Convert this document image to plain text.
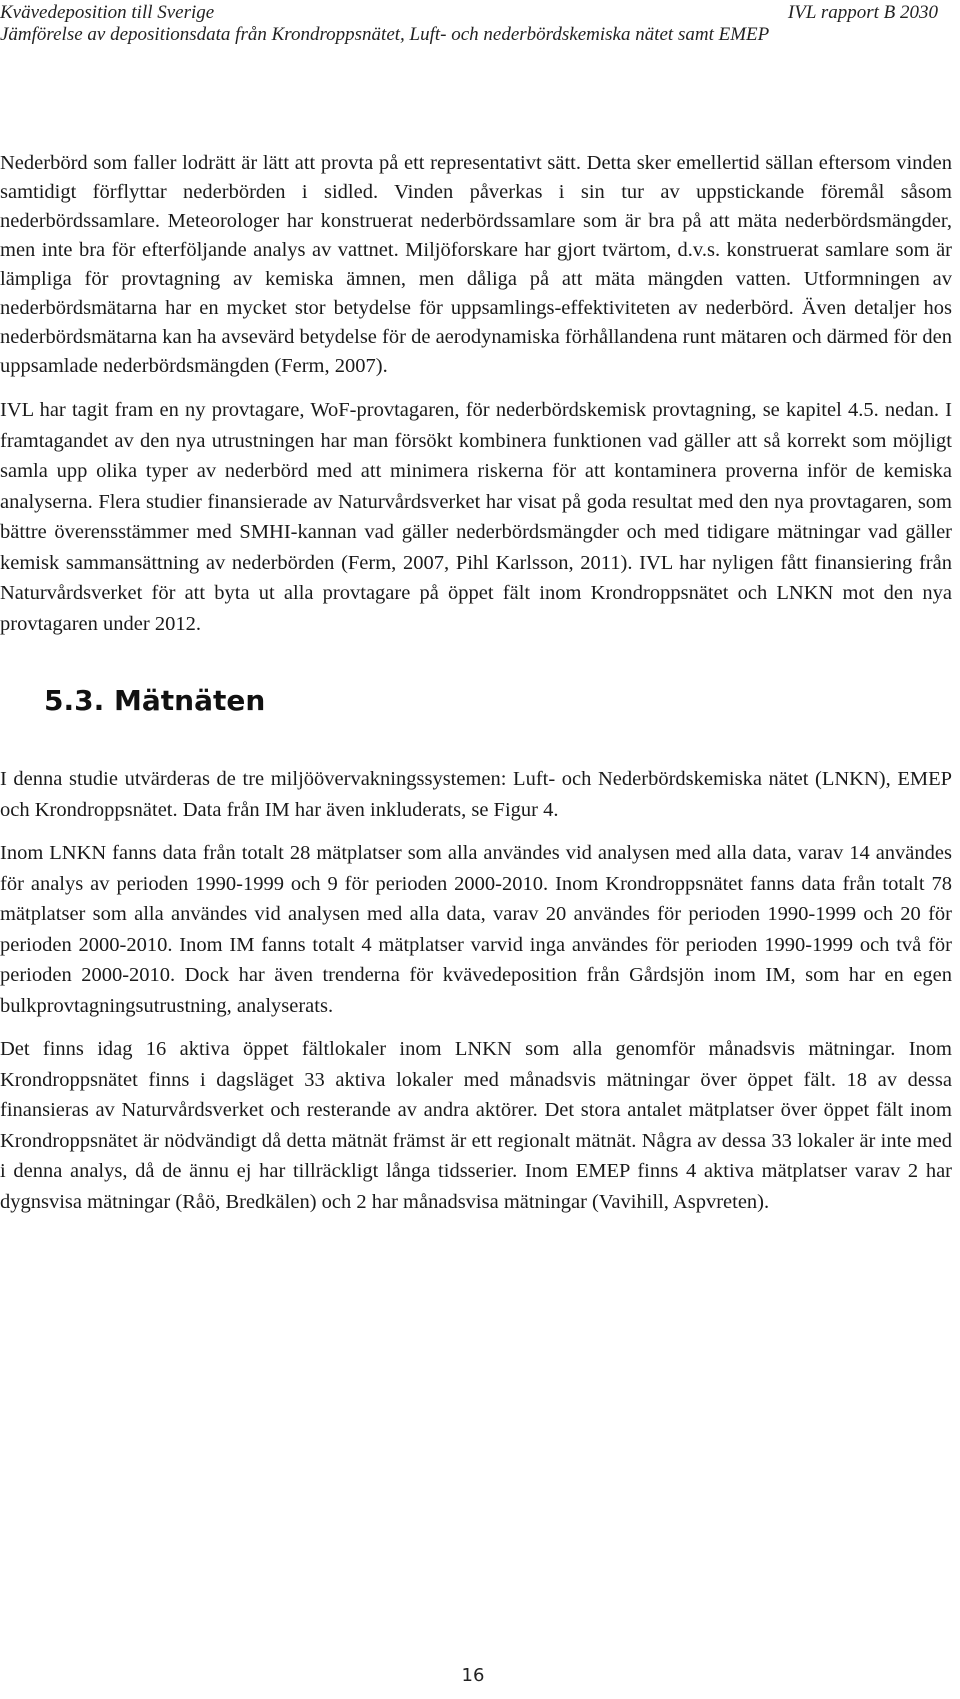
Kvävedeposition till Sverige
Jämförelse av depositionsdata från Krondroppsnätet, Luft- och nederbördskemiska nätet samt EMEP
IVL rapport B 2030

Nederbörd som faller lodrätt är lätt att provta på ett representativt sätt. Detta sker emellertid sällan eftersom vinden samtidigt förflyttar nederbörden i sidled. Vinden påverkas i sin tur av uppstickande föremål såsom nederbördssamlare. Meteorologer har konstruerat nederbördssamlare som är bra på att mäta nederbördsmängder, men inte bra för efterföljande analys av vattnet. Miljöforskare har gjort tvärtom, d.v.s. konstruerat samlare som är lämpliga för provtagning av kemiska ämnen, men dåliga på att mäta mängden vatten. Utformningen av nederbördsmätarna har en mycket stor betydelse för uppsamlings-effektiviteten av nederbörd. Även detaljer hos nederbördsmätarna kan ha avsevärd betydelse för de aerodynamiska förhållandena runt mätaren och därmed för den uppsamlade nederbördsmängden (Ferm, 2007).

IVL har tagit fram en ny provtagare, WoF-provtagaren, för nederbördskemisk provtagning, se kapitel 4.5. nedan. I framtagandet av den nya utrustningen har man försökt kombinera funktionen vad gäller att så korrekt som möjligt samla upp olika typer av nederbörd med att minimera riskerna för att kontaminera proverna inför de kemiska analyserna. Flera studier finansierade av Naturvårdsverket har visat på goda resultat med den nya provtagaren, som bättre överensstämmer med SMHI-kannan vad gäller nederbördsmängder och med tidigare mätningar vad gäller kemisk sammansättning av nederbörden (Ferm, 2007, Pihl Karlsson, 2011). IVL har nyligen fått finansiering från Naturvårdsverket för att byta ut alla provtagare på öppet fält inom Krondroppsnätet och LNKN mot den nya provtagaren under 2012.

5.3. Mätnäten

I denna studie utvärderas de tre miljöövervakningssystemen: Luft- och Nederbördskemiska nätet (LNKN), EMEP och Krondroppsnätet. Data från IM har även inkluderats, se Figur 4.

Inom LNKN fanns data från totalt 28 mätplatser som alla användes vid analysen med alla data, varav 14 användes för analys av perioden 1990-1999 och 9 för perioden 2000-2010. Inom Krondroppsnätet fanns data från totalt 78 mätplatser som alla användes vid analysen med alla data, varav 20 användes för perioden 1990-1999 och 20 för perioden 2000-2010. Inom IM fanns totalt 4 mätplatser varvid inga användes för perioden 1990-1999 och två för perioden 2000-2010. Dock har även trenderna för kvävedeposition från Gårdsjön inom IM, som har en egen bulkprovtagningsutrustning, analyserats.

Det finns idag 16 aktiva öppet fältlokaler inom LNKN som alla genomför månadsvis mätningar. Inom Krondroppsnätet finns i dagsläget 33 aktiva lokaler med månadsvis mätningar över öppet fält. 18 av dessa finansieras av Naturvårdsverket och resterande av andra aktörer. Det stora antalet mätplatser över öppet fält inom Krondroppsnätet är nödvändigt då detta mätnät främst är ett regionalt mätnät. Några av dessa 33 lokaler är inte med i denna analys, då de ännu ej har tillräckligt långa tidsserier. Inom EMEP finns 4 aktiva mätplatser varav 2 har dygnsvisa mätningar (Råö, Bredkälen) och 2 har månadsvisa mätningar (Vavihill, Aspvreten).

16
